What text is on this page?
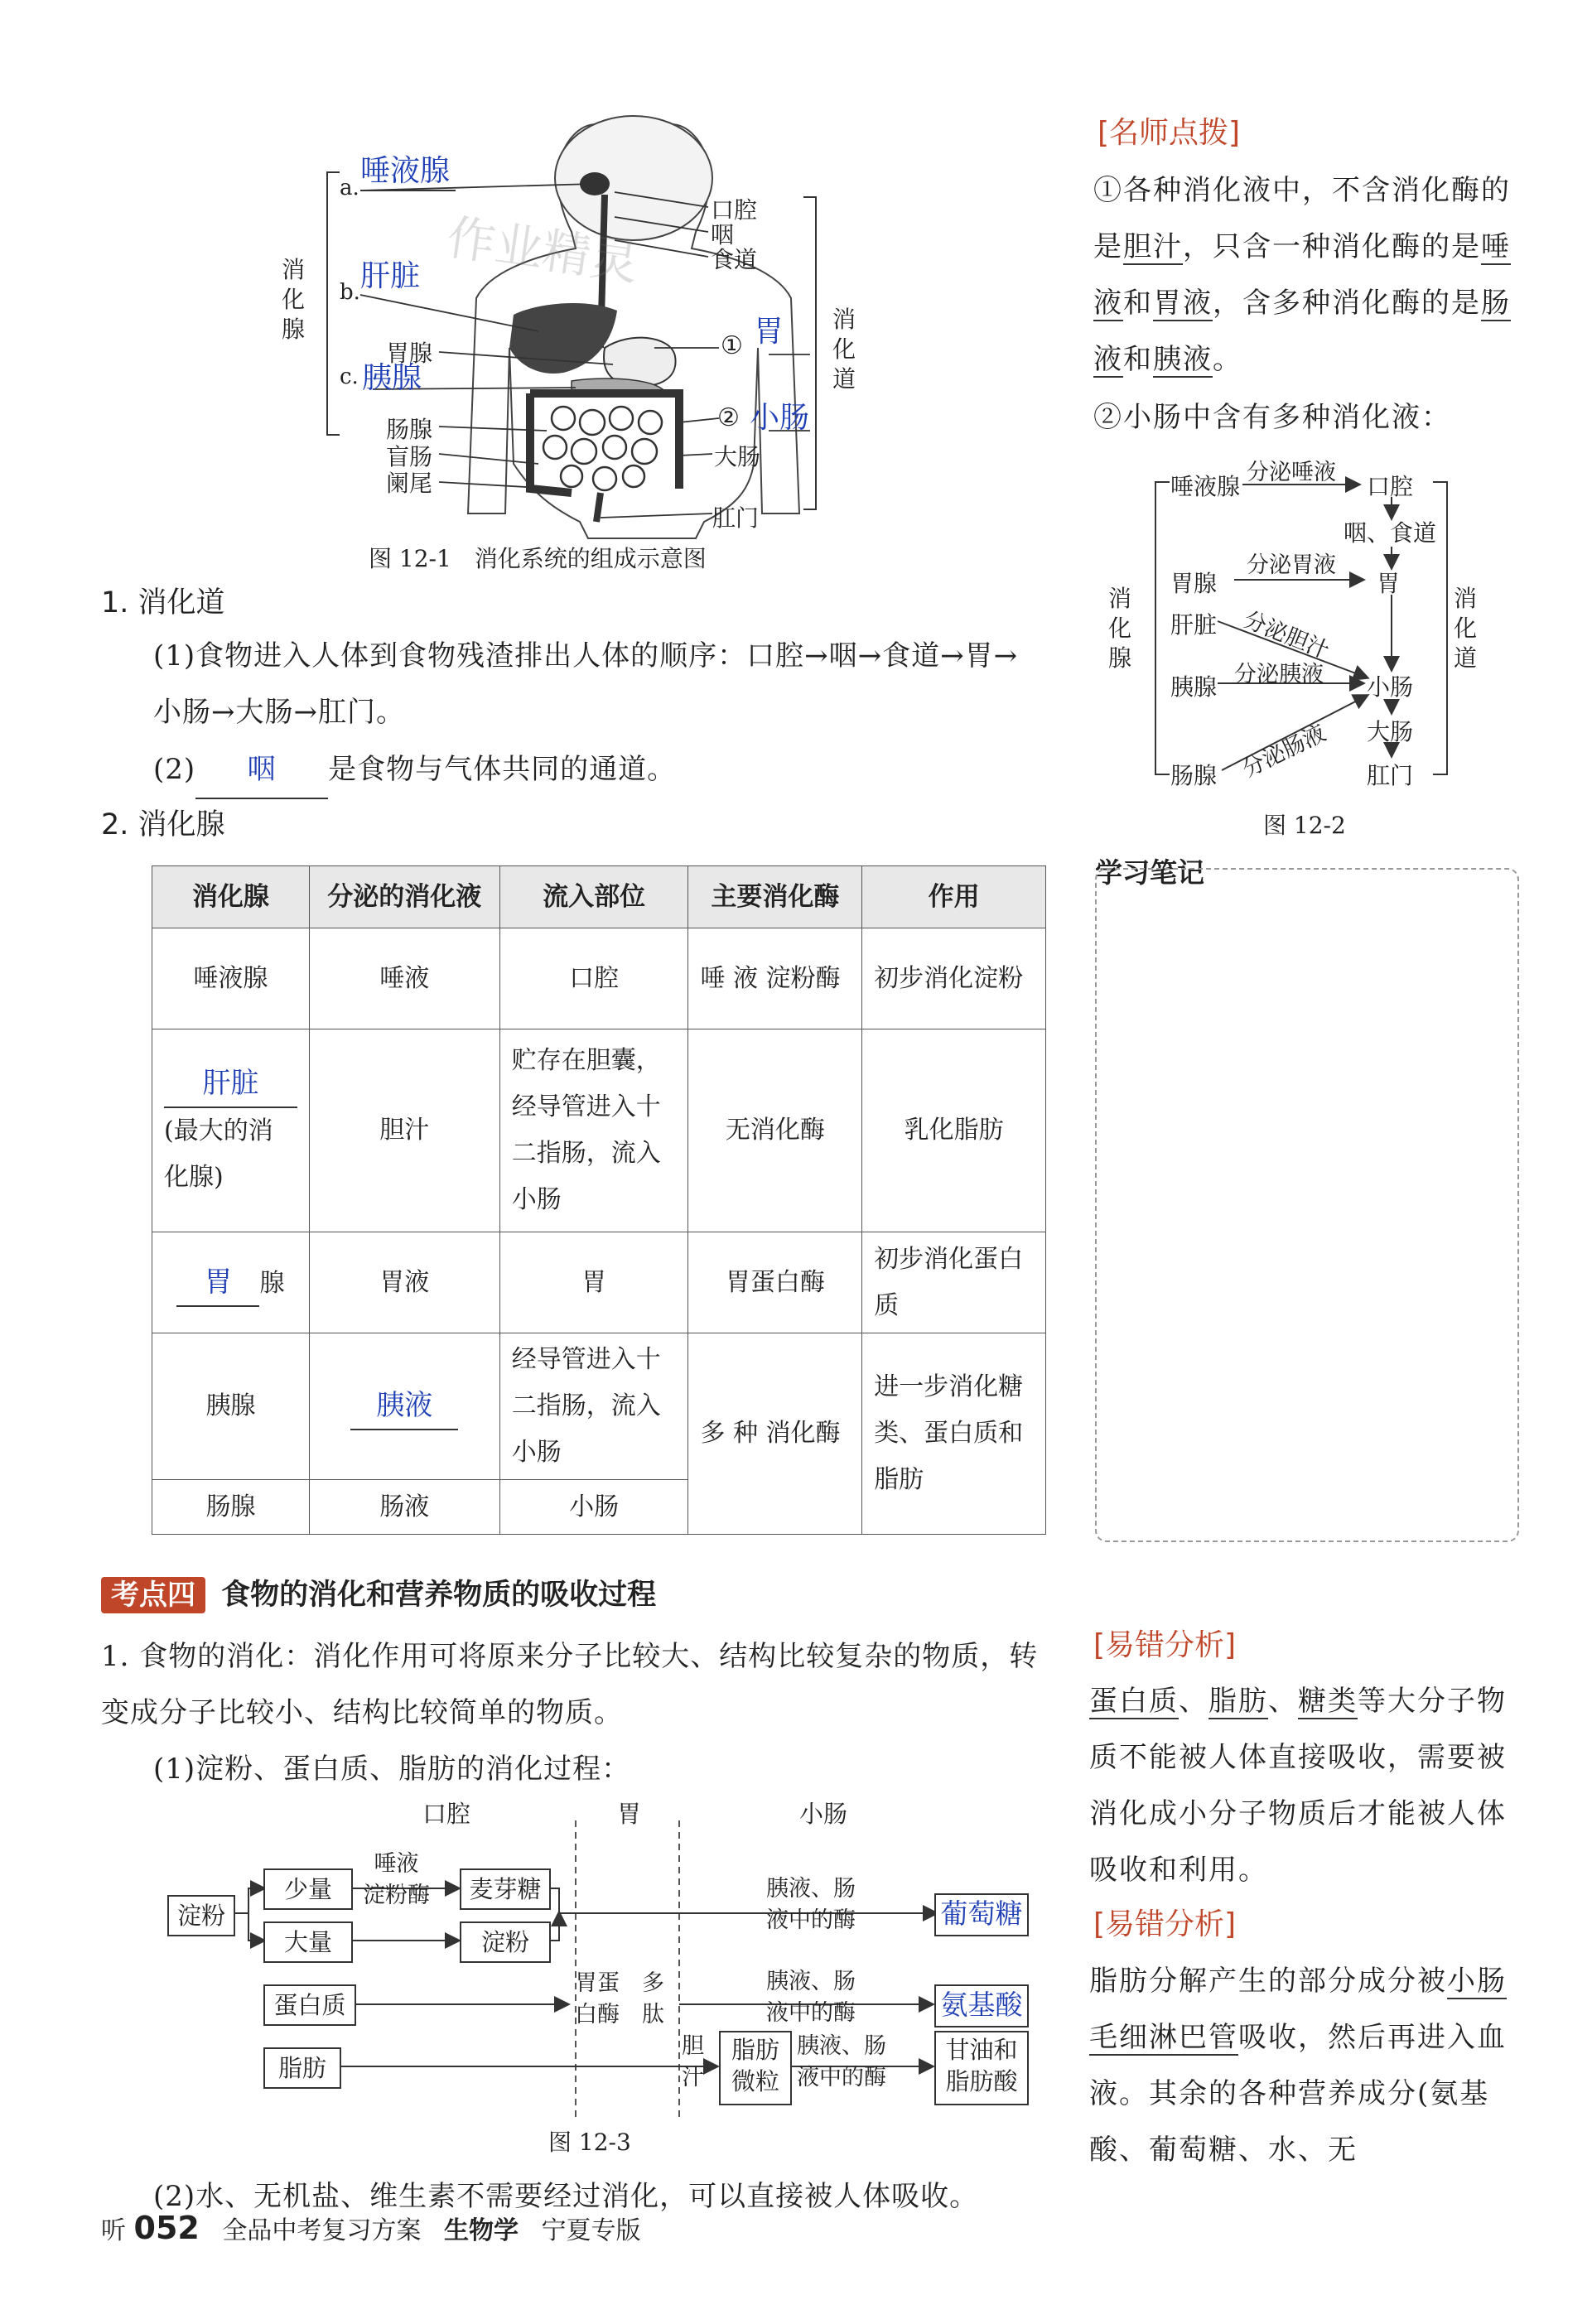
唾液腺
a.
肝脏
b.
胃腺
c. 胰腺
肠腺
盲肠
阑尾
消
化
腺	消
化
道
口腔
咽
食道
① 胃
② 小肠
大肠
肛门
作业精灵
图 12-1　消化系统的组成示意图
1. 消化道
(1)食物进入人体到食物残渣排出人体的顺序：口腔→咽→食道→胃→小肠→大肠→肛门。
(2) 咽 是食物与气体共同的通道。
2. 消化腺
消化腺	分泌的消化液	流入部位	主要消化酶	作用
唾液腺	唾液	口腔	唾 液 淀粉酶	初步消化淀粉

肝脏
(最大的消化腺)	胆汁	贮存在胆囊，经导管进入十二指肠，流入小肠	无消化酶	乳化脂肪
胃 腺	胃液	胃	胃蛋白酶	初步消化蛋白质
胰腺	胰液	经导管进入十二指肠，流入小肠	多 种 消化酶	进一步消化糖类、蛋白质和脂肪
肠腺	肠液	小肠		
[名师点拨]
①各种消化液中，不含消化酶的是胆汁，只含一种消化酶的是唾液和胃液，含多种消化酶的是肠液和胰液。
②小肠中含有多种消化液：
唾液腺
分泌唾液
口腔
咽、食道
胃腺
分泌胃液
胃
肝脏 分泌胆汁
消
化
腺
消
化
道
胰腺 分泌胰液 小肠
大肠
肠腺 分泌肠液 肛门
图 12-2
学习笔记
考点四 食物的消化和营养物质的吸收过程
1. 食物的消化：消化作用可将原来分子比较大、结构比较复杂的物质，转变成分子比较小、结构比较简单的物质。
(1)淀粉、蛋白质、脂肪的消化过程：
口腔	胃	小肠
淀粉
少量
大量
唾液
淀粉酶	麦芽糖
淀粉
胰液、肠
液中的酶	葡萄糖
蛋白质
胃蛋
白酶
多
肽
胰液、肠
液中的酶	氨基酸
脂肪
胆
汁
脂肪
微粒
胰液、肠
液中的酶
甘油和
脂肪酸
图 12-3
(2)水、无机盐、维生素不需要经过消化，可以直接被人体吸收。
[易错分析]
蛋白质、脂肪、糖类等大分子物质不能被人体直接吸收，需要被消化成小分子物质后才能被人体吸收和利用。
[易错分析]
脂肪分解产生的部分成分被小肠毛细淋巴管吸收，然后再进入血液。其余的各种营养成分(氨基酸、葡萄糖、水、无
听 052 全品中考复习方案 生物学 宁夏专版
